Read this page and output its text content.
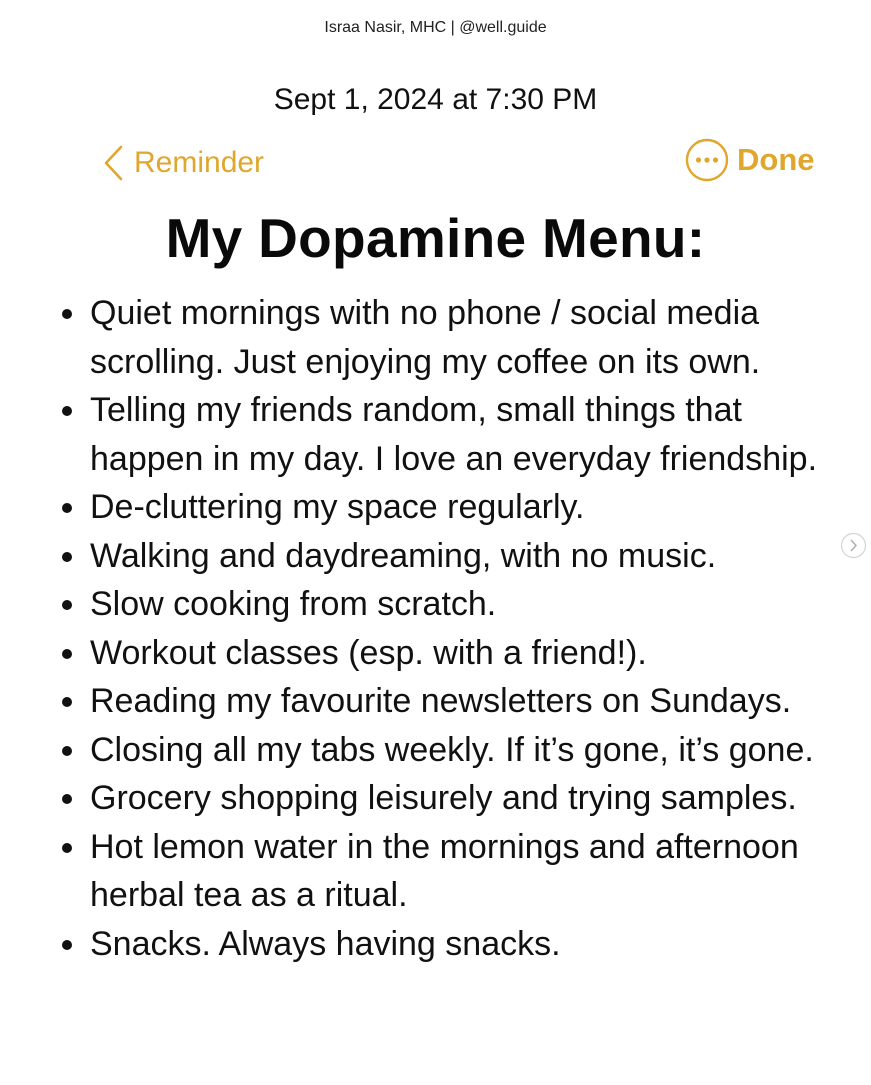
Israa Nasir, MHC | @well.guide
Sept 1, 2024 at 7:30 PM
Reminder	Done
My Dopamine Menu:
Quiet mornings with no phone / social media scrolling. Just enjoying my coffee on its own.
Telling my friends random, small things that happen in my day. I love an everyday friendship.
De-cluttering my space regularly.
Walking and daydreaming, with no music.
Slow cooking from scratch.
Workout classes (esp. with a friend!).
Reading my favourite newsletters on Sundays.
Closing all my tabs weekly. If it’s gone, it’s gone.
Grocery shopping leisurely and trying samples.
Hot lemon water in the mornings and afternoon herbal tea as a ritual.
Snacks. Always having snacks.
